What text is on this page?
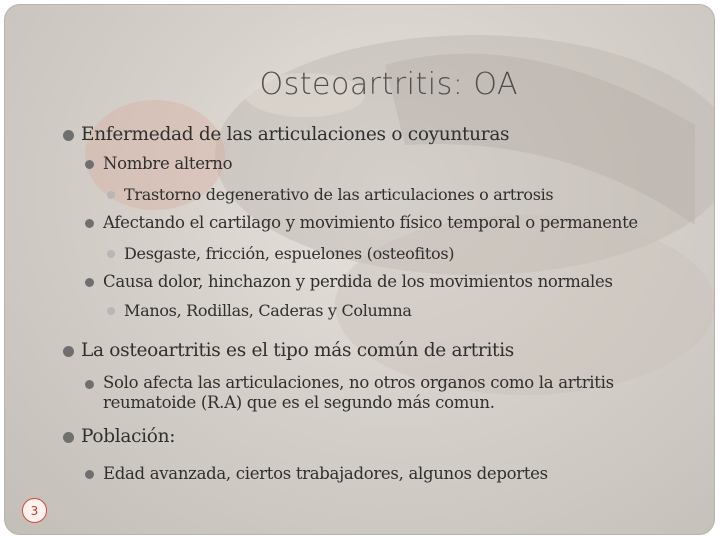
Osteoartritis: OA
Enfermedad de las articulaciones o coyunturas
Nombre alterno
Trastorno degenerativo de las articulaciones o artrosis
Afectando el cartilago y movimiento físico temporal o permanente
Desgaste, fricción, espuelones (osteofitos)
Causa dolor, hinchazon y perdida de los movimientos normales
Manos, Rodillas, Caderas y Columna
La osteoartritis es el tipo más común de artritis
Solo afecta las articulaciones, no otros organos como la artritis reumatoide (R.A) que es el segundo más comun.
Población:
Edad avanzada, ciertos trabajadores, algunos deportes
3
